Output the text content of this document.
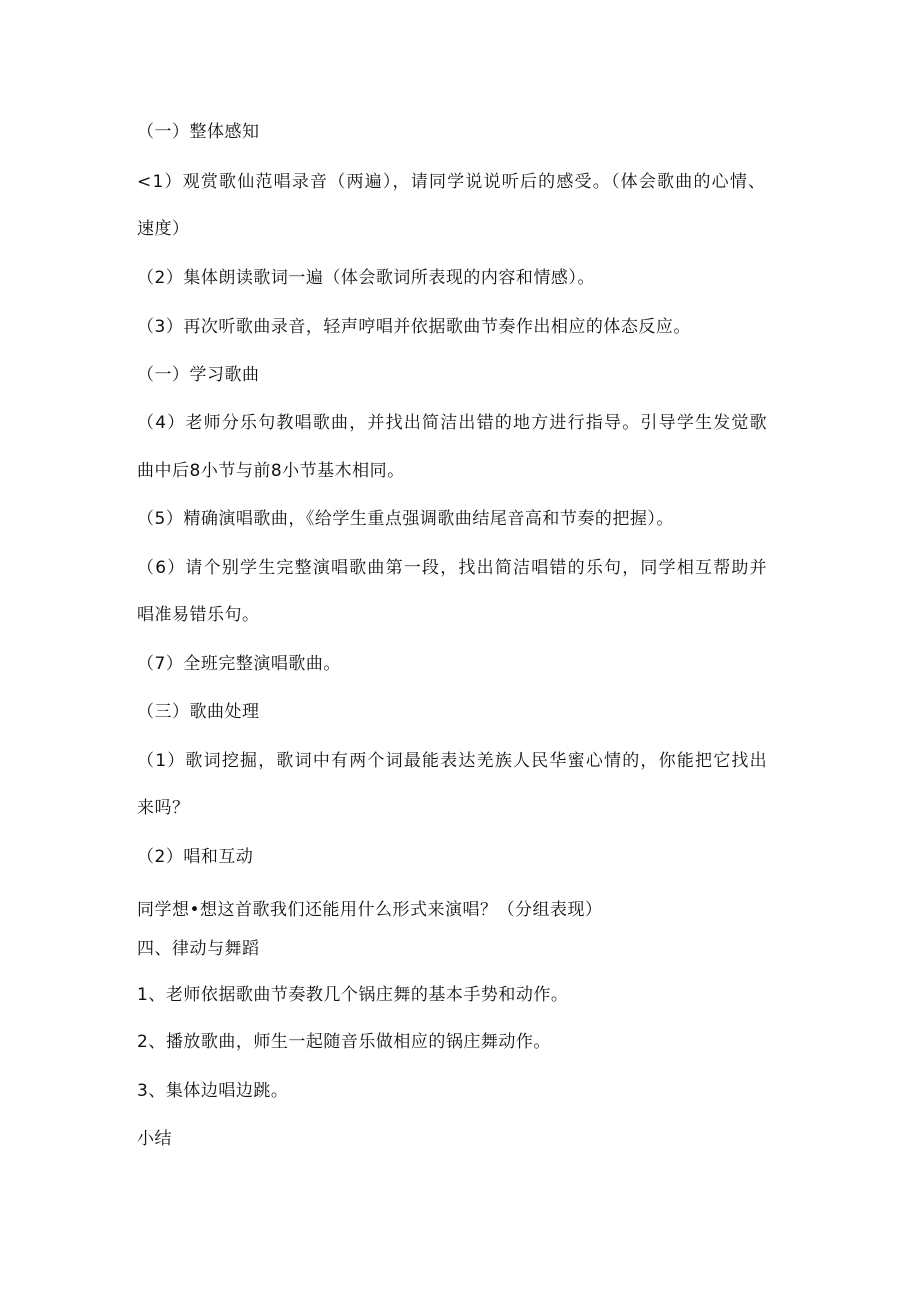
（一）整体感知
<1）观赏歌仙范唱录音（两遍），请同学说说听后的感受。（体会歌曲的心情、
速度）
（2）集体朗读歌词一遍（体会歌词所表现的内容和情感）。
（3）再次听歌曲录音，轻声哼唱并依据歌曲节奏作出相应的体态反应。
（一）学习歌曲
（4）老师分乐句教唱歌曲，并找出简洁出错的地方进行指导。引导学生发觉歌
曲中后8小节与前8小节基木相同。
（5）精确演唱歌曲，《给学生重点强调歌曲结尾音高和节奏的把握）。
（6）请个别学生完整演唱歌曲第一段，找出简洁唱错的乐句，同学相互帮助并
唱准易错乐句。
（7）全班完整演唱歌曲。
（三）歌曲处理
（1）歌词挖掘，歌词中有两个词最能表达羌族人民华蜜心情的，你能把它找出
来吗？
（2）唱和互动
同学想•想这首歌我们还能用什么形式来演唱？（分组表现）
四、律动与舞蹈
1、老师依据歌曲节奏教几个锅庄舞的基本手势和动作。
2、播放歌曲，师生一起随音乐做相应的锅庄舞动作。
3、集体边唱边跳。
小结
